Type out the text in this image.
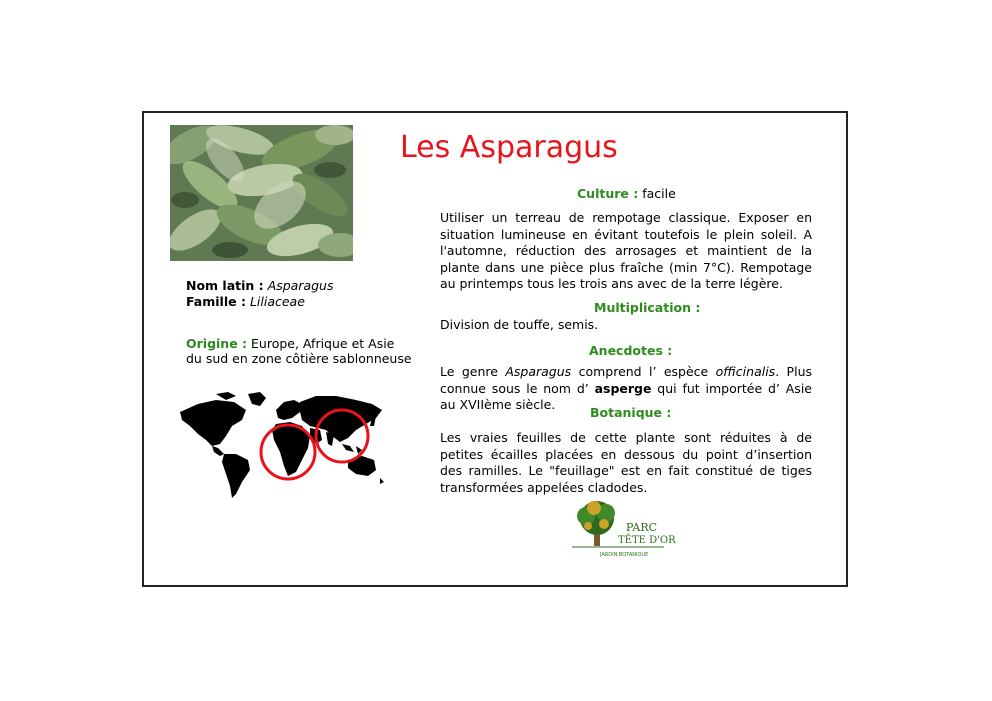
Les Asparagus
Nom latin : Asparagus
Famille : Liliaceae
Origine : Europe, Afrique et Asie
du sud en zone côtière sablonneuse
Culture : facile
Utiliser un terreau de rempotage classique. Exposer en situation lumineuse en évitant toutefois le plein soleil. A l'automne, réduction des arrosages et maintient de la plante dans une pièce plus fraîche (min 7°C). Rempotage au printemps tous les trois ans avec de la terre légère.
Multiplication :
Division de touffe, semis.
Anecdotes :
Le genre Asparagus comprend l’ espèce officinalis. Plus connue sous le nom d’ asperge qui fut importée d’ Asie au XVIIème siècle.
Botanique :
Les vraies feuilles de cette plante sont réduites à de petites écailles placées en dessous du point d’insertion des ramilles. Le "feuillage" est en fait constitué de tiges transformées appelées cladodes.
PARC
TÊTE D'OR
JARDIN BOTANIQUE
